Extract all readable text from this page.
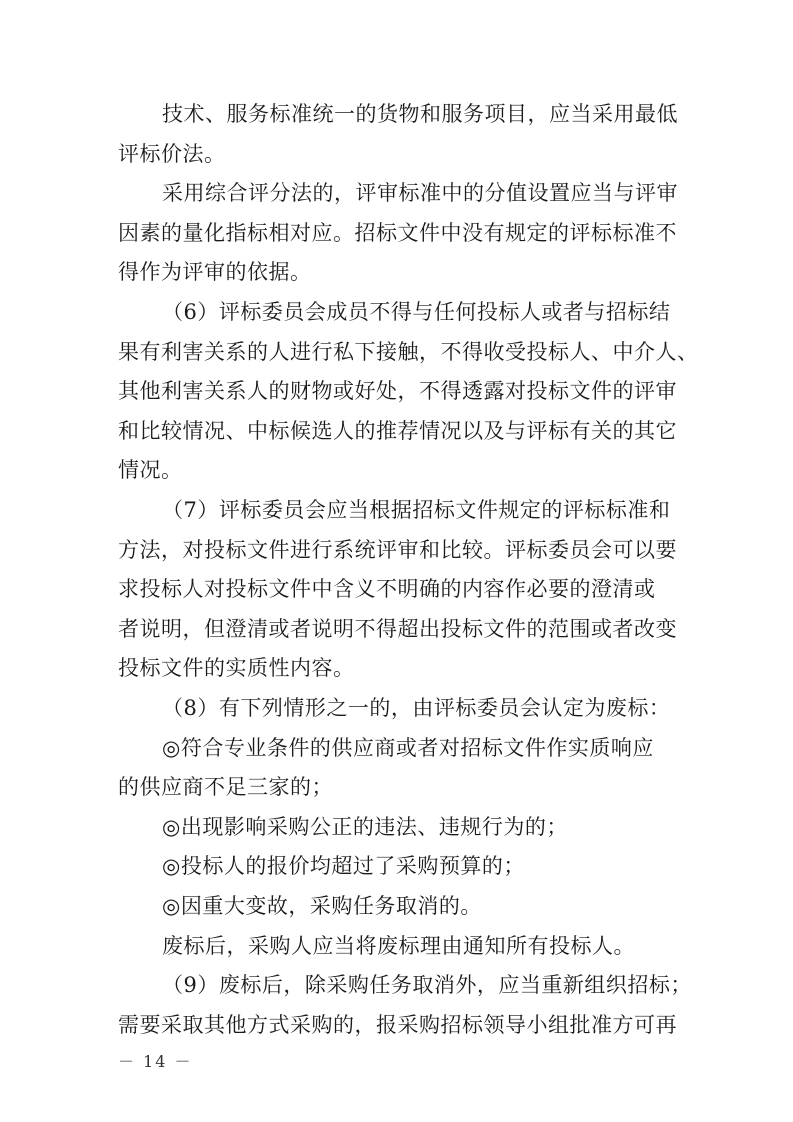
技术、服务标准统一的货物和服务项目，应当采用最低
评标价法。
采用综合评分法的，评审标准中的分值设置应当与评审
因素的量化指标相对应。招标文件中没有规定的评标标准不
得作为评审的依据。
（6）评标委员会成员不得与任何投标人或者与招标结
果有利害关系的人进行私下接触，不得收受投标人、中介人、
其他利害关系人的财物或好处，不得透露对投标文件的评审
和比较情况、中标候选人的推荐情况以及与评标有关的其它
情况。
（7）评标委员会应当根据招标文件规定的评标标准和
方法，对投标文件进行系统评审和比较。评标委员会可以要
求投标人对投标文件中含义不明确的内容作必要的澄清或
者说明，但澄清或者说明不得超出投标文件的范围或者改变
投标文件的实质性内容。
（8）有下列情形之一的，由评标委员会认定为废标：
◎符合专业条件的供应商或者对招标文件作实质响应
的供应商不足三家的；
◎出现影响采购公正的违法、违规行为的；
◎投标人的报价均超过了采购预算的；
◎因重大变故，采购任务取消的。
废标后，采购人应当将废标理由通知所有投标人。
（9）废标后，除采购任务取消外，应当重新组织招标；
需要采取其他方式采购的，报采购招标领导小组批准方可再
－ 14 －
